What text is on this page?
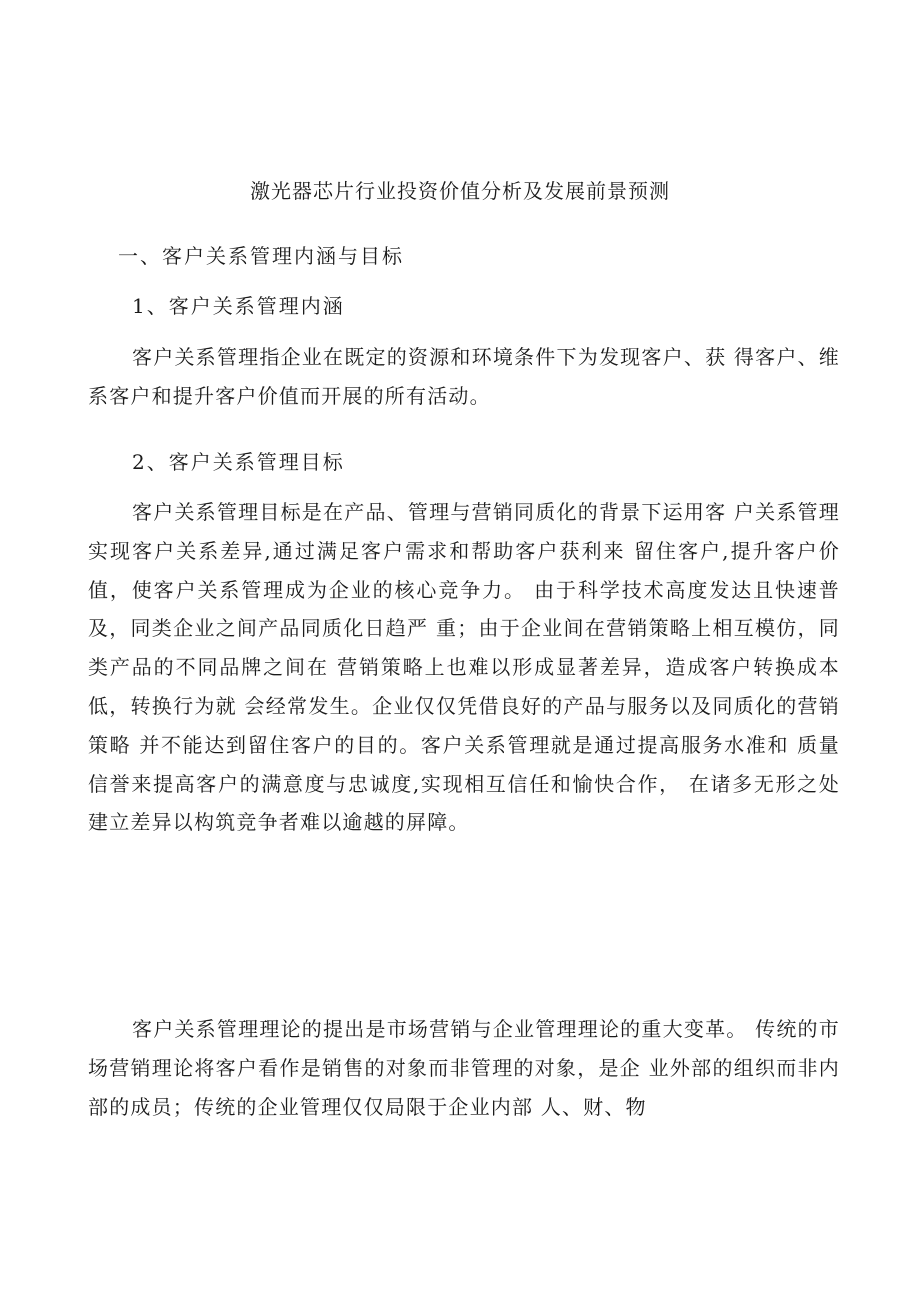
激光器芯片行业投资价值分析及发展前景预测
一、客户关系管理内涵与目标
1、客户关系管理内涵

客户关系管理指企业在既定的资源和环境条件下为发现客户、获 得客户、维系客户和提升客户价值而开展的所有活动。

2、客户关系管理目标

客户关系管理目标是在产品、管理与营销同质化的背景下运用客 户关系管理实现客户关系差异,通过满足客户需求和帮助客户获利来 留住客户,提升客户价值，使客户关系管理成为企业的核心竞争力。 由于科学技术高度发达且快速普及，同类企业之间产品同质化日趋严 重；由于企业间在营销策略上相互模仿，同类产品的不同品牌之间在 营销策略上也难以形成显著差异，造成客户转换成本低，转换行为就 会经常发生。企业仅仅凭借良好的产品与服务以及同质化的营销策略 并不能达到留住客户的目的。客户关系管理就是通过提高服务水准和 质量信誉来提高客户的满意度与忠诚度,实现相互信任和愉快合作， 在诸多无形之处建立差异以构筑竞争者难以逾越的屏障。

客户关系管理理论的提出是市场营销与企业管理理论的重大变革。 传统的市场营销理论将客户看作是销售的对象而非管理的对象，是企 业外部的组织而非内部的成员；传统的企业管理仅仅局限于企业内部 人、财、物
